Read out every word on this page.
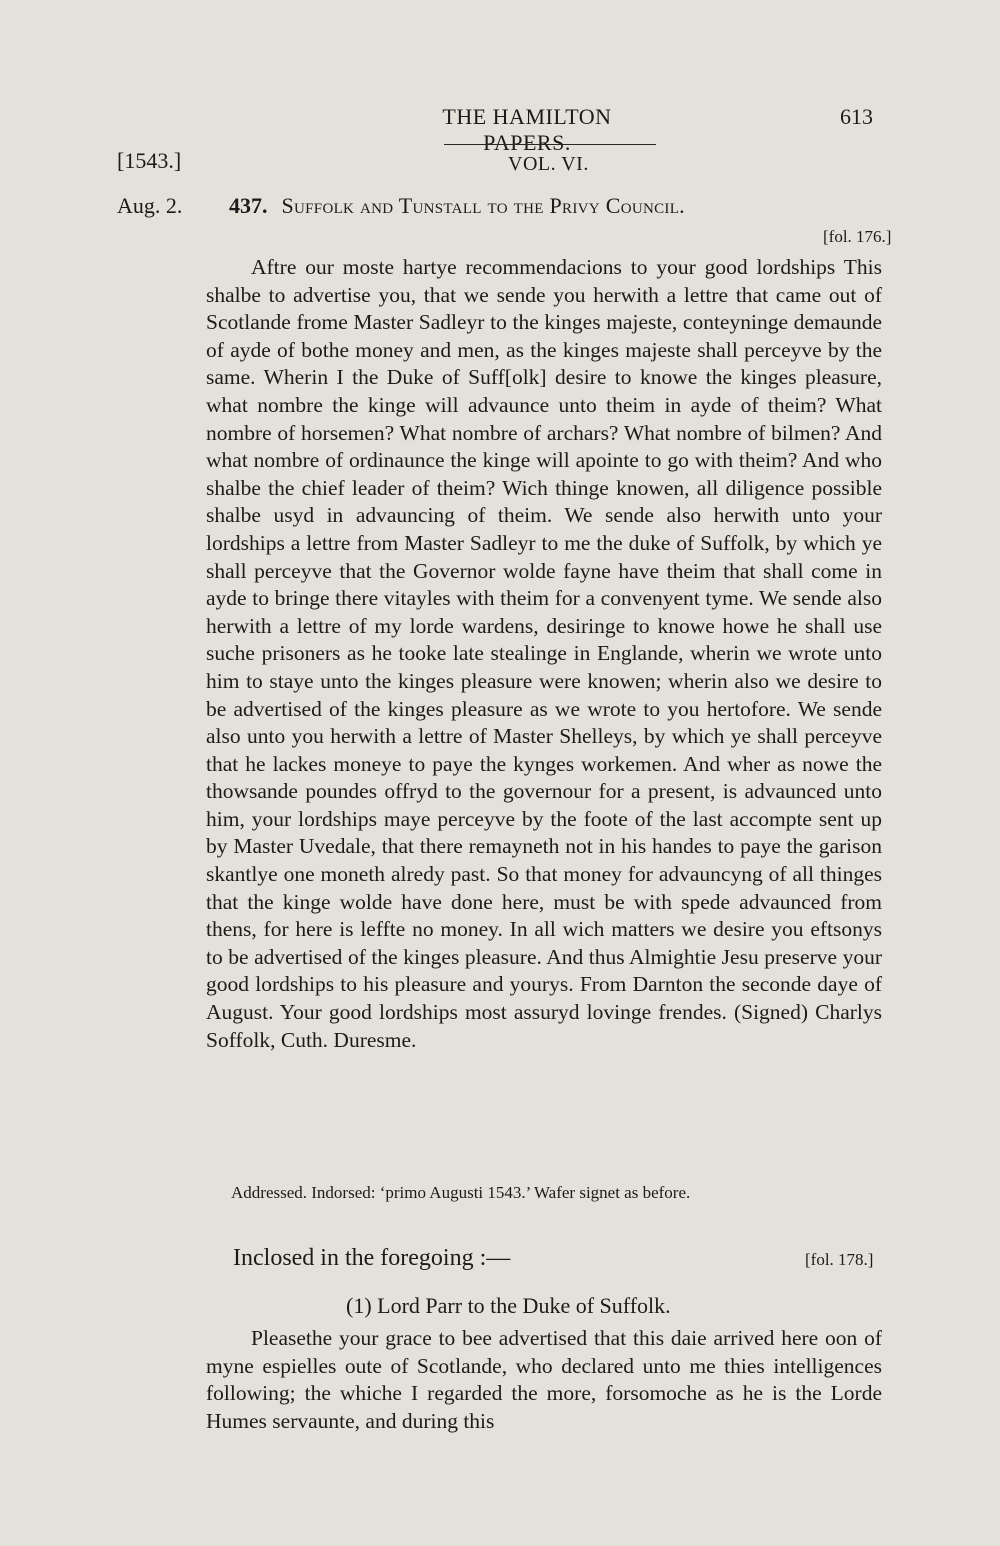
THE HAMILTON PAPERS.
613
[1543.]	VOL. VI.
Aug. 2. 437. Suffolk and Tunstall to the Privy Council.
[fol. 176.]

Aftre our moste hartye recommendacions to your good lordships This shalbe to advertise you, that we sende you herwith a lettre that came out of Scotlande frome Master Sadleyr to the kinges majeste, conteyninge demaunde of ayde of bothe money and men, as the kinges majeste shall perceyve by the same. Wherin I the Duke of Suff[olk] desire to knowe the kinges pleasure, what nombre the kinge will advaunce unto theim in ayde of theim? What nombre of horsemen? What nombre of archars? What nombre of bilmen? And what nombre of ordinaunce the kinge will apointe to go with theim? And who shalbe the chief leader of theim? Wich thinge knowen, all diligence possible shalbe usyd in advauncing of theim. We sende also herwith unto your lordships a lettre from Master Sadleyr to me the duke of Suffolk, by which ye shall perceyve that the Governor wolde fayne have theim that shall come in ayde to bringe there vitayles with theim for a convenyent tyme. We sende also herwith a lettre of my lorde wardens, desiringe to knowe howe he shall use suche prisoners as he tooke late stealinge in Englande, wherin we wrote unto him to staye unto the kinges pleasure were knowen; wherin also we desire to be advertised of the kinges pleasure as we wrote to you hertofore. We sende also unto you herwith a lettre of Master Shelleys, by which ye shall perceyve that he lackes moneye to paye the kynges workemen. And wher as nowe the thowsande poundes offryd to the governour for a present, is advaunced unto him, your lordships maye perceyve by the foote of the last accompte sent up by Master Uvedale, that there remayneth not in his handes to paye the garison skantlye one moneth alredy past. So that money for advauncyng of all thinges that the kinge wolde have done here, must be with spede advaunced from thens, for here is leffte no money. In all wich matters we desire you eftsonys to be advertised of the kinges pleasure. And thus Almightie Jesu preserve your good lordships to his pleasure and yourys. From Darnton the seconde daye of August. Your good lordships most assuryd lovinge frendes. (Signed) Charlys Soffolk, Cuth. Duresme.

Addressed. Indorsed: ‘primo Augusti 1543.’ Wafer signet as before.
Inclosed in the foregoing :—	[fol. 178.]
(1) Lord Parr to the Duke of Suffolk.

Pleasethe your grace to bee advertised that this daie arrived here oon of myne espielles oute of Scotlande, who declared unto me thies intelligences following; the whiche I regarded the more, forsomoche as he is the Lorde Humes servaunte, and during this
